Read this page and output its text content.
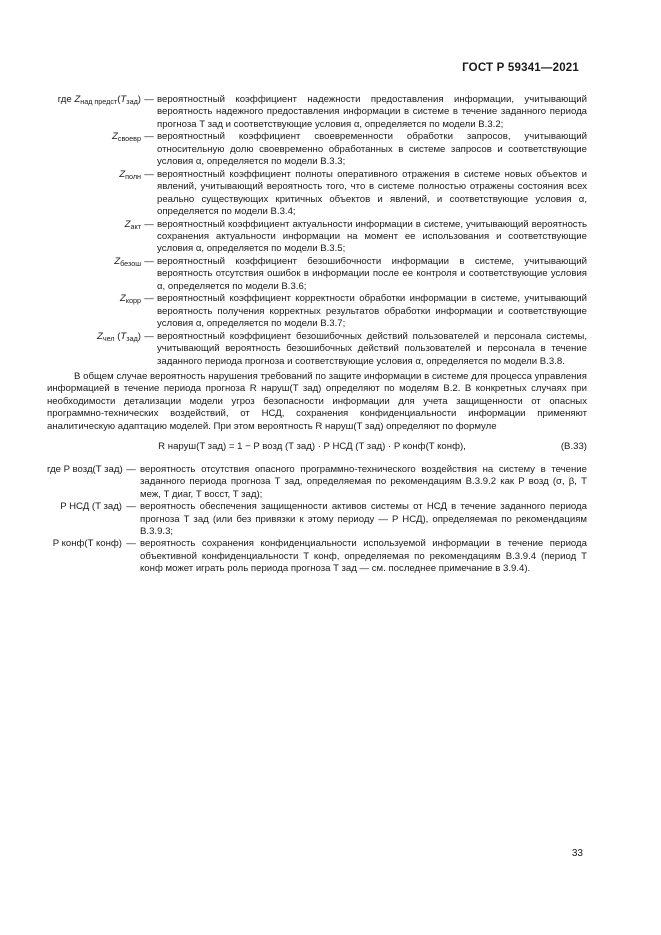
ГОСТ Р 59341—2021
где $Z_{над предст}(T_{зад})$ — вероятностный коэффициент надежности предоставления информации, учитывающий вероятность надежного предоставления информации в системе в течение заданного периода прогноза T зад и соответствующие условия α, определяется по модели В.3.2;
$Z_{своевр}$ — вероятностный коэффициент своевременности обработки запросов, учитывающий относительную долю своевременно обработанных в системе запросов и соответствующие условия α, определяется по модели В.3.3;
$Z_{полн}$ — вероятностный коэффициент полноты оперативного отражения в системе новых объектов и явлений, учитывающий вероятность того, что в системе полностью отражены состояния всех реально существующих критичных объектов и явлений, и соответствующие условия α, определяется по модели В.3.4;
$Z_{акт}$ — вероятностный коэффициент актуальности информации в системе, учитывающий вероятность сохранения актуальности информации на момент ее использования и соответствующие условия α, определяется по модели В.3.5;
$Z_{безош}$ — вероятностный коэффициент безошибочности информации в системе, учитывающий вероятность отсутствия ошибок в информации после ее контроля и соответствующие условия α, определяется по модели В.3.6;
$Z_{корр}$ — вероятностный коэффициент корректности обработки информации в системе, учитывающий вероятность получения корректных результатов обработки информации и соответствующие условия α, определяется по модели В.3.7;
$Z_{чел}$ $(T_{зад})$ — вероятностный коэффициент безошибочных действий пользователей и персонала системы, учитывающий вероятность безошибочных действий пользователей и персонала в течение заданного периода прогноза и соответствующие условия α, определяется по модели В.3.8.

В общем случае вероятность нарушения требований по защите информации в системе для процесса управления информацией в течение периода прогноза R наруш(T зад) определяют по моделям В.2. В конкретных случаях при необходимости детализации модели угроз безопасности информации для учета защищенности от опасных программно-технических воздействий, от НСД, сохранения конфиденциальности информации применяют аналитическую адаптацию моделей. При этом вероятность R наруш(T зад) определяют по формуле

R наруш(T зад) = 1 − P возд (T зад) · P НСД (T зад) · P конф(T конф),	(В.33)
где P возд(T зад) — вероятность отсутствия опасного программно-технического воздействия на систему в течение заданного периода прогноза T зад, определяемая по рекомендациям В.3.9.2 как P возд (σ, β, T меж, T диаг, T восст, T зад);
P НСД (T зад) — вероятность обеспечения защищенности активов системы от НСД в течение заданного периода прогноза T зад (или без привязки к этому периоду — P НСД), определяемая по рекомендациям В.3.9.3;
P конф(T конф) — вероятность сохранения конфиденциальности используемой информации в течение периода объективной конфиденциальности T конф, определяемая по рекомендациям В.3.9.4 (период T конф может играть роль периода прогноза T зад — см. последнее примечание в 3.9.4).
33
